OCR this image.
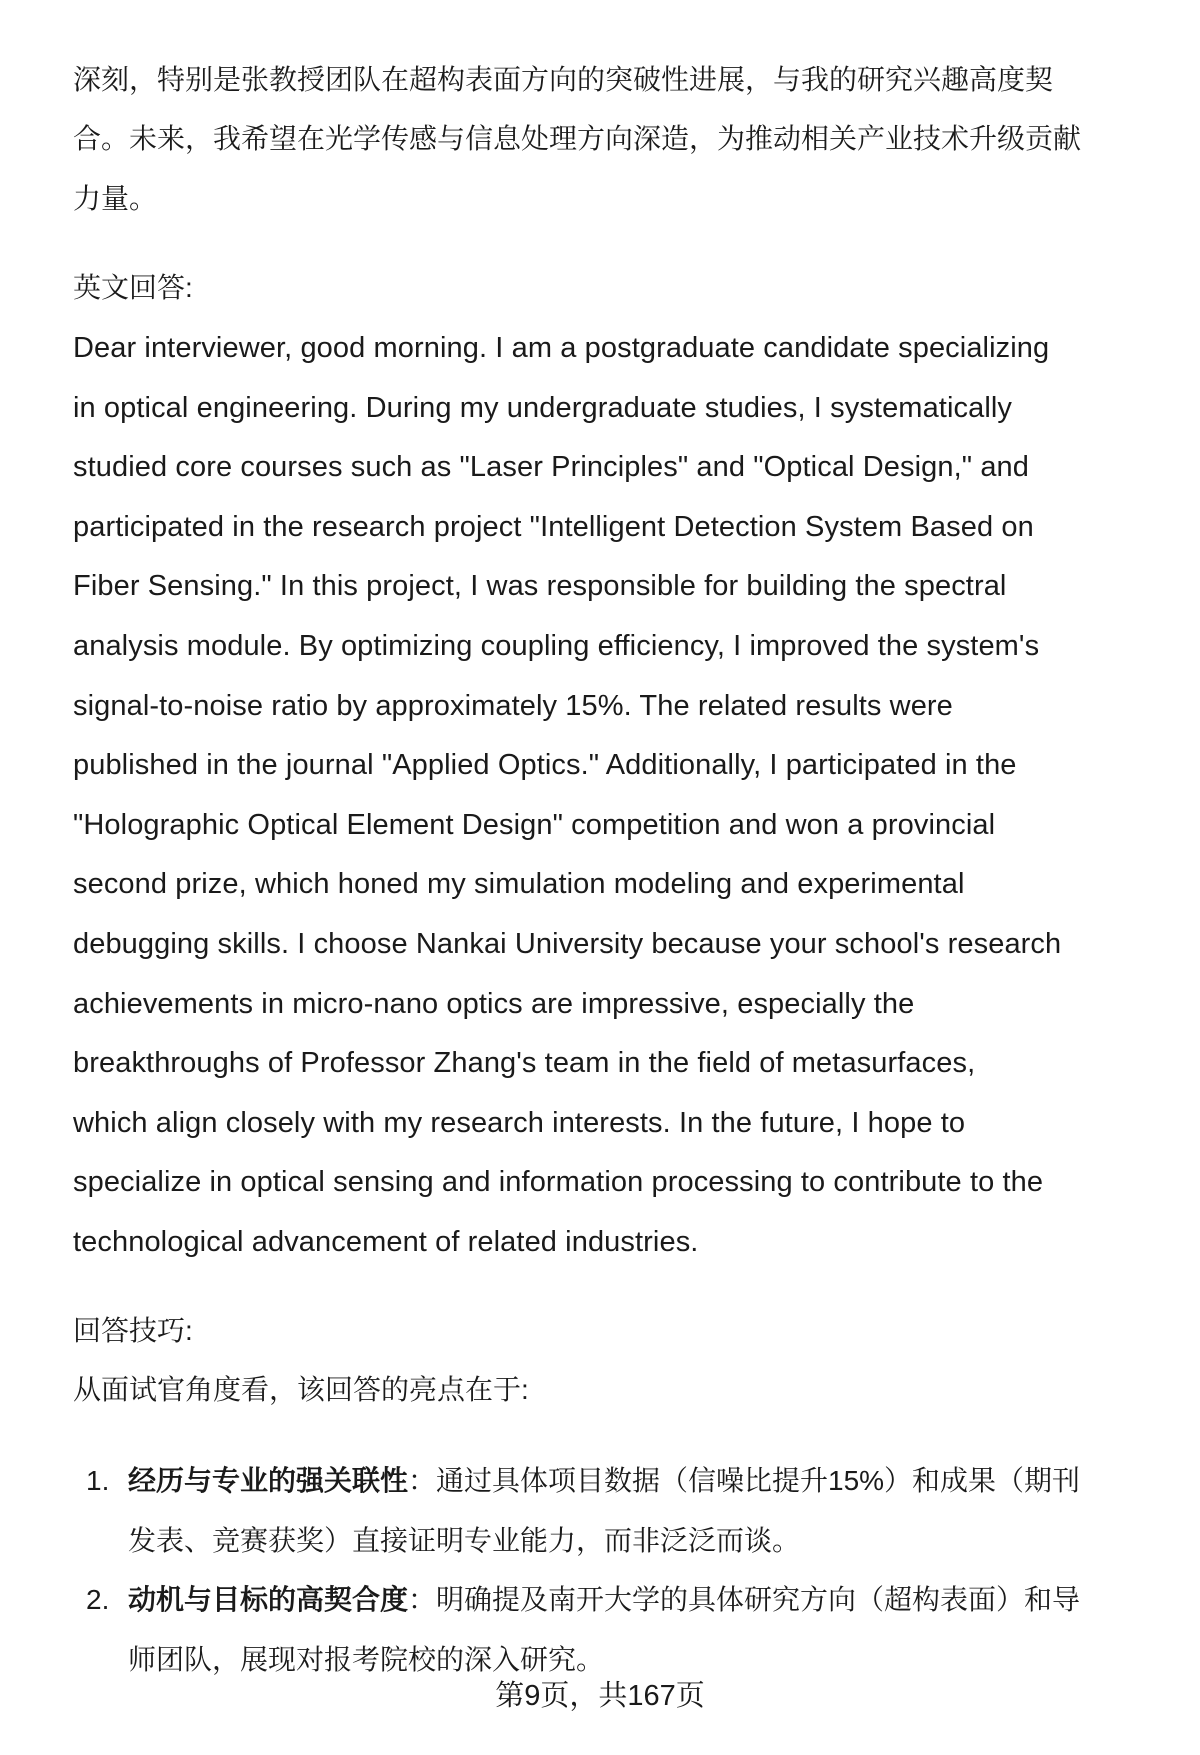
深刻，特别是张教授团队在超构表面方向的突破性进展，与我的研究兴趣高度契
合。未来，我希望在光学传感与信息处理方向深造，为推动相关产业技术升级贡献
力量。
英文回答:
Dear interviewer, good morning. I am a postgraduate candidate specializing
in optical engineering. During my undergraduate studies, I systematically
studied core courses such as "Laser Principles" and "Optical Design," and
participated in the research project "Intelligent Detection System Based on
Fiber Sensing." In this project, I was responsible for building the spectral
analysis module. By optimizing coupling efficiency, I improved the system's
signal-to-noise ratio by approximately 15%. The related results were
published in the journal "Applied Optics." Additionally, I participated in the
"Holographic Optical Element Design" competition and won a provincial
second prize, which honed my simulation modeling and experimental
debugging skills. I choose Nankai University because your school's research
achievements in micro-nano optics are impressive, especially the
breakthroughs of Professor Zhang's team in the field of metasurfaces,
which align closely with my research interests. In the future, I hope to
specialize in optical sensing and information processing to contribute to the
technological advancement of related industries.
回答技巧:
从面试官角度看，该回答的亮点在于:
1. 经历与专业的强关联性：通过具体项目数据（信噪比提升15%）和成果（期刊
发表、竞赛获奖）直接证明专业能力，而非泛泛而谈。
2. 动机与目标的高契合度：明确提及南开大学的具体研究方向（超构表面）和导
师团队，展现对报考院校的深入研究。
第9页，共167页
